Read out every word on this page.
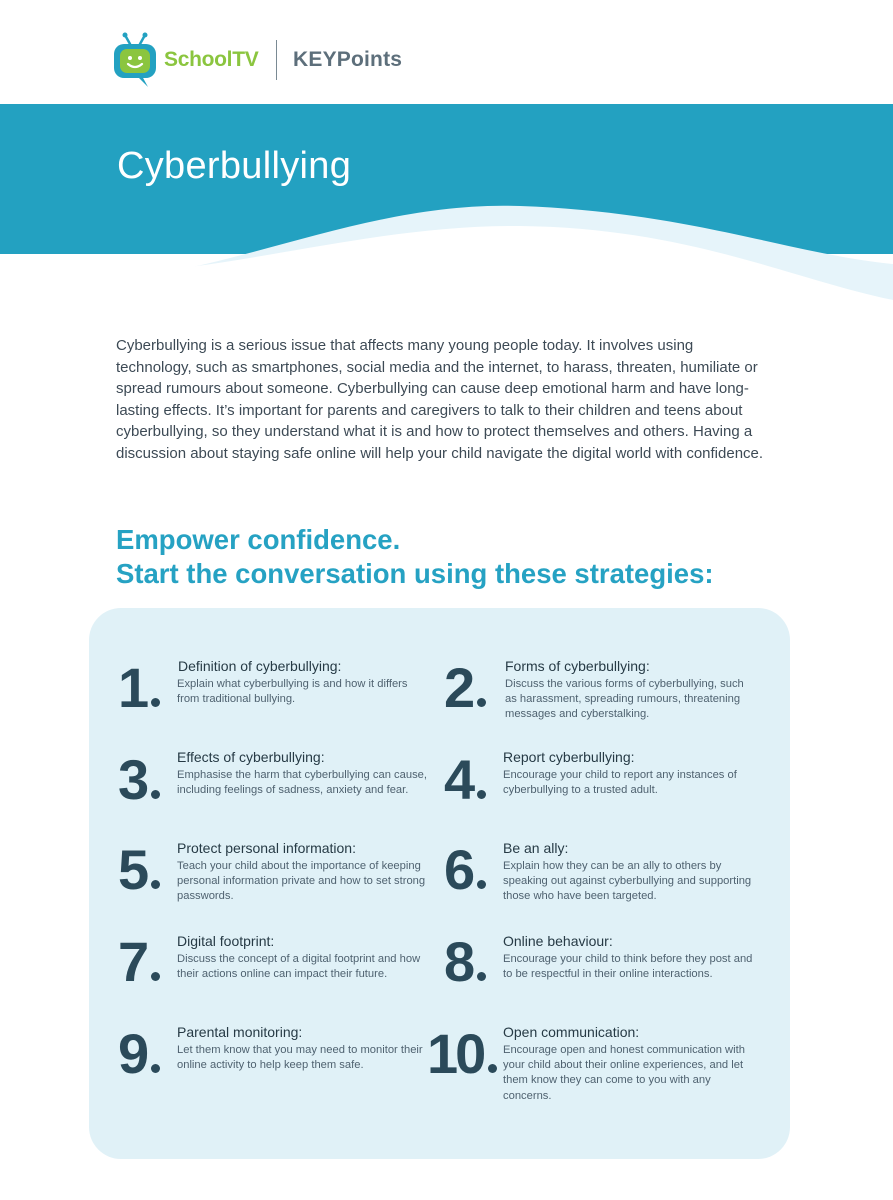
SchoolTV KEYPoints
Cyberbullying

Cyberbullying is a serious issue that affects many young people today. It involves using technology, such as smartphones, social media and the internet, to harass, threaten, humiliate or spread rumours about someone. Cyberbullying can cause deep emotional harm and have long-lasting effects. It’s important for parents and caregivers to talk to their children and teens about cyberbullying, so they understand what it is and how to protect themselves and others. Having a discussion about staying safe online will help your child navigate the digital world with confidence.

Empower confidence.
Start the conversation using these strategies:
1	Definition of cyberbullying:
Explain what cyberbullying is and how it differs from traditional bullying.
3	Effects of cyberbullying:
Emphasise the harm that cyberbullying can cause, including feelings of sadness, anxiety and fear.
5	Protect personal information:
Teach your child about the importance of keeping personal information private and how to set strong passwords.
7	Digital footprint:
Discuss the concept of a digital footprint and how their actions online can impact their future.
9	Parental monitoring:
Let them know that you may need to monitor their online activity to help keep them safe.
2	Forms of cyberbullying:
Discuss the various forms of cyberbullying, such as harassment, spreading rumours, threatening messages and cyberstalking.
4	Report cyberbullying:
Encourage your child to report any instances of cyberbullying to a trusted adult.
6	Be an ally:
Explain how they can be an ally to others by speaking out against cyberbullying and supporting those who have been targeted.
8	Online behaviour:
Encourage your child to think before they post and to be respectful in their online interactions.
10	Open communication:
Encourage open and honest communication with your child about their online experiences, and let them know they can come to you with any concerns.
